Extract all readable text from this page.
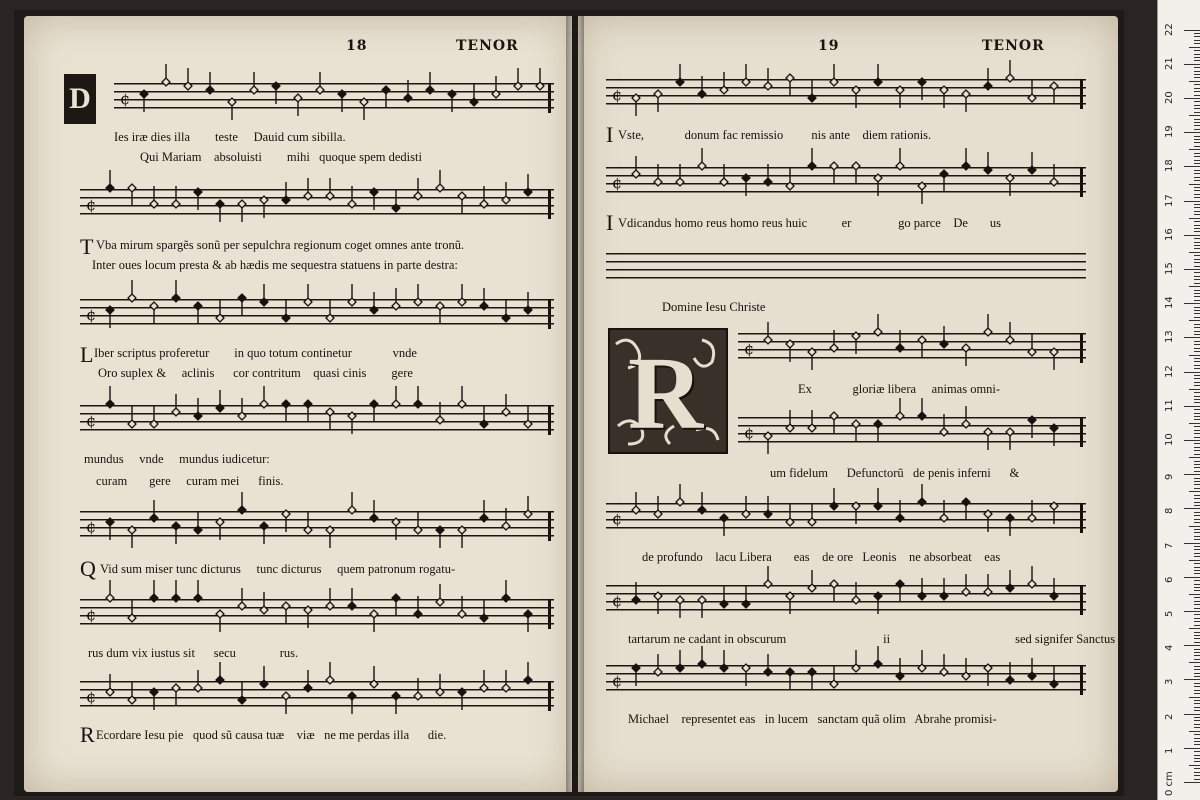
18	TENOR
D	¢
Ies iræ dies illa teste Dauid cum sibilla.
Qui Mariam absoluisti mihi quoque spem dedisti
¢
T Vba mirum spargẽs sonũ per sepulchra regionum coget omnes ante tronũ.
Inter oues locum presta & ab hædis me sequestra statuens in parte destra:
¢
L Iber scriptus proferetur in quo totum continetur	vnde
Oro suplex & aclinis cor contritum quasi cinis gere
¢
mundus vnde mundus iudicetur:
curam gere curam mei finis.
¢
Q Vid sum miser tunc dicturus tunc dicturus quem patronum rogatu-
¢
rus dum vix iustus sit secu	rus.
¢
R Ecordare Iesu pie quod sũ causa tuæ viæ ne me perdas illa die.
19	TENOR
¢
I Vste,	donum fac remissio nis ante diem rationis.
¢
I Vdicandus homo reus homo reus huic	er	go parce De us
Domine Iesu Christe
R	¢
Ex	gloriæ libera animas omni-
¢
um fidelum Defunctorũ de penis inferni &
¢
de profundo lacu Libera eas de ore Leonis ne absorbeat eas
¢
tartarum ne cadant in obscurum	ii	sed signifer Sanctus
¢
Michael representet eas in lucem sanctam quã olim Abrahe promisi-
0 cm
1
2
3
4
5
6
7
8
9
10
11
12
13
14
15
16
17
18
19
20
21
22
